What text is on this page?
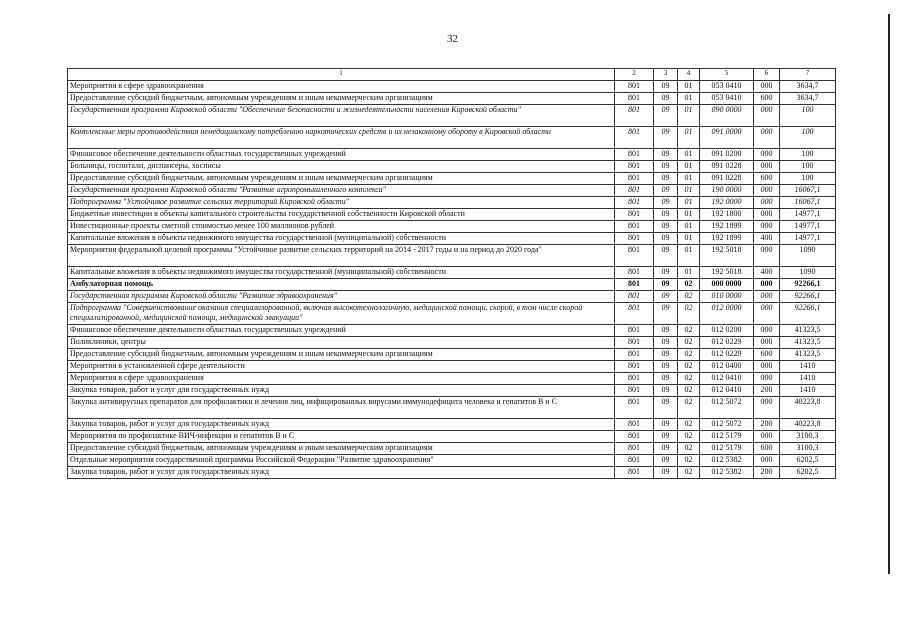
32
1	2	3	4	5	6	7
Мероприятия в сфере здравоохранения	801	09	01	053 0410	000	3634,7
Предоставление субсидий бюджетным, автономным учреждениям и иным некоммерческим организациям	801	09	01	053 0410	600	3634,7
Государственная программа Кировской области "Обеспечение безопасности и жизнедеятельности населения Кировской области"	801	09	01	090 0000	000	100
Комплексные меры противодействия немедицинскому потреблению наркотических средств и их незаконному обороту в Кировской области	801	09	01	091 0000	000	100
Финансовое обеспечение деятельности областных государственных учреждений	801	09	01	091 0200	000	100
Больницы, госпитали, диспансеры, хосписы	801	09	01	091 0228	000	100
Предоставление субсидий бюджетным, автономным учреждениям и иным некоммерческим организациям	801	09	01	091 0228	600	100
Государственная программа Кировской области "Развитие агропромышленного комплекса"	801	09	01	190 0000	000	16067,1
Подпрограмма "Устойчивое развитие сельских территорий Кировской области"	801	09	01	192 0000	000	16067,1
Бюджетные инвестиции в объекты капитального строительства государственной собственности Кировской области	801	09	01	192 1800	000	14977,1
Инвестиционные проекты сметной стоимостью менее 100 миллионов рублей	801	09	01	192 1899	000	14977,1
Капитальные вложения в объекты недвижимого имущества государственной (муниципальной) собственности	801	09	01	192 1899	400	14977,1
Мероприятия федеральной целевой программы "Устойчивое развитие сельских территорий на 2014 - 2017 годы и на период до 2020 года"	801	09	01	192 5018	000	1090
Капитальные вложения в объекты недвижимого имущества государственной (муниципальной) собственности	801	09	01	192 5018	400	1090
Амбулаторная помощь	801	09	02	000 0000	000	92266,1
Государственная программа Кировской области "Развитие здравоохранения"	801	09	02	010 0000	000	92266,1
Подпрограмма "Совершенствование оказания специализированной, включая высокотехнологичную, медицинской помощи, скорой, в том числе скорой специализированной, медицинской помощи, медицинской эвакуации"	801	09	02	012 0000	000	92266,1
Финансовое обеспечение деятельности областных государственных учреждений	801	09	02	012 0200	000	41323,5
Поликлиники, центры	801	09	02	012 0229	000	41323,5
Предоставление субсидий бюджетным, автономным учреждениям и иным некоммерческим организациям	801	09	02	012 0229	600	41323,5
Мероприятия в установленной сфере деятельности	801	09	02	012 0400	000	1410
Мероприятия в сфере здравоохранения	801	09	02	012 0410	000	1410
Закупка товаров, работ и услуг для государственных нужд	801	09	02	012 0410	200	1410
Закупка антивирусных препаратов для профилактики и лечения лиц, инфицированных вирусами иммунодефицита человека и гепатитов В и С	801	09	02	012 5072	000	40223,8
Закупка товаров, работ и услуг для государственных нужд	801	09	02	012 5072	200	40223,8
Мероприятия по профилактике ВИЧ-инфекции и гепатитов В и С	801	09	02	012 5179	000	3100,3
Предоставление субсидий бюджетным, автономным учреждениям и иным некоммерческим организациям	801	09	02	012 5179	600	3100,3
Отдельные мероприятия государственной программы Российской Федерации "Развитие здравоохранения"	801	09	02	012 5382	000	6202,5
Закупка товаров, работ и услуг для государственных нужд	801	09	02	012 5382	200	6202,5
